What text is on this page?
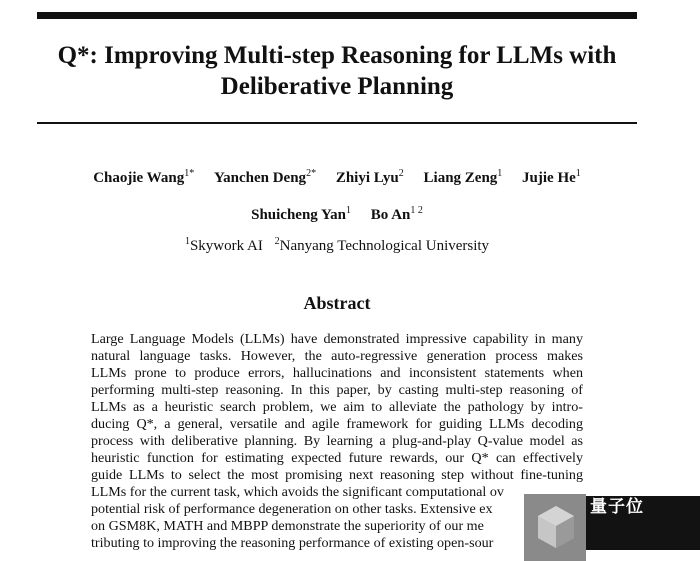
Q*: Improving Multi-step Reasoning for LLMs with
Deliberative Planning
Chaojie Wang$^{1*}$ Yanchen Deng$^{2*}$ Zhiyi Lyu$^2$ Liang Zeng$^1$ Jujie He$^1$
Shuicheng Yan$^1$ Bo $An^{1 2}$
$^1$Skywork AI $^2$Nanyang Technological University
Abstract
Large Language Models (LLMs) have demonstrated impressive capability in many
natural language tasks. However, the auto-regressive generation process makes
LLMs prone to produce errors, hallucinations and inconsistent statements when
performing multi-step reasoning. In this paper, by casting multi-step reasoning of
LLMs as a heuristic search problem, we aim to alleviate the pathology by intro-
ducing Q*, a general, versatile and agile framework for guiding LLMs decoding
process with deliberative planning. By learning a plug-and-play Q-value model as
heuristic function for estimating expected future rewards, our Q* can effectively
guide LLMs to select the most promising next reasoning step without fine-tuning
LLMs for the current task, which avoids the significant computational ov
potential risk of performance degeneration on other tasks. Extensive ex
on GSM8K, MATH and MBPP demonstrate the superiority of our me
tributing to improving the reasoning performance of existing open-sour
量子位
